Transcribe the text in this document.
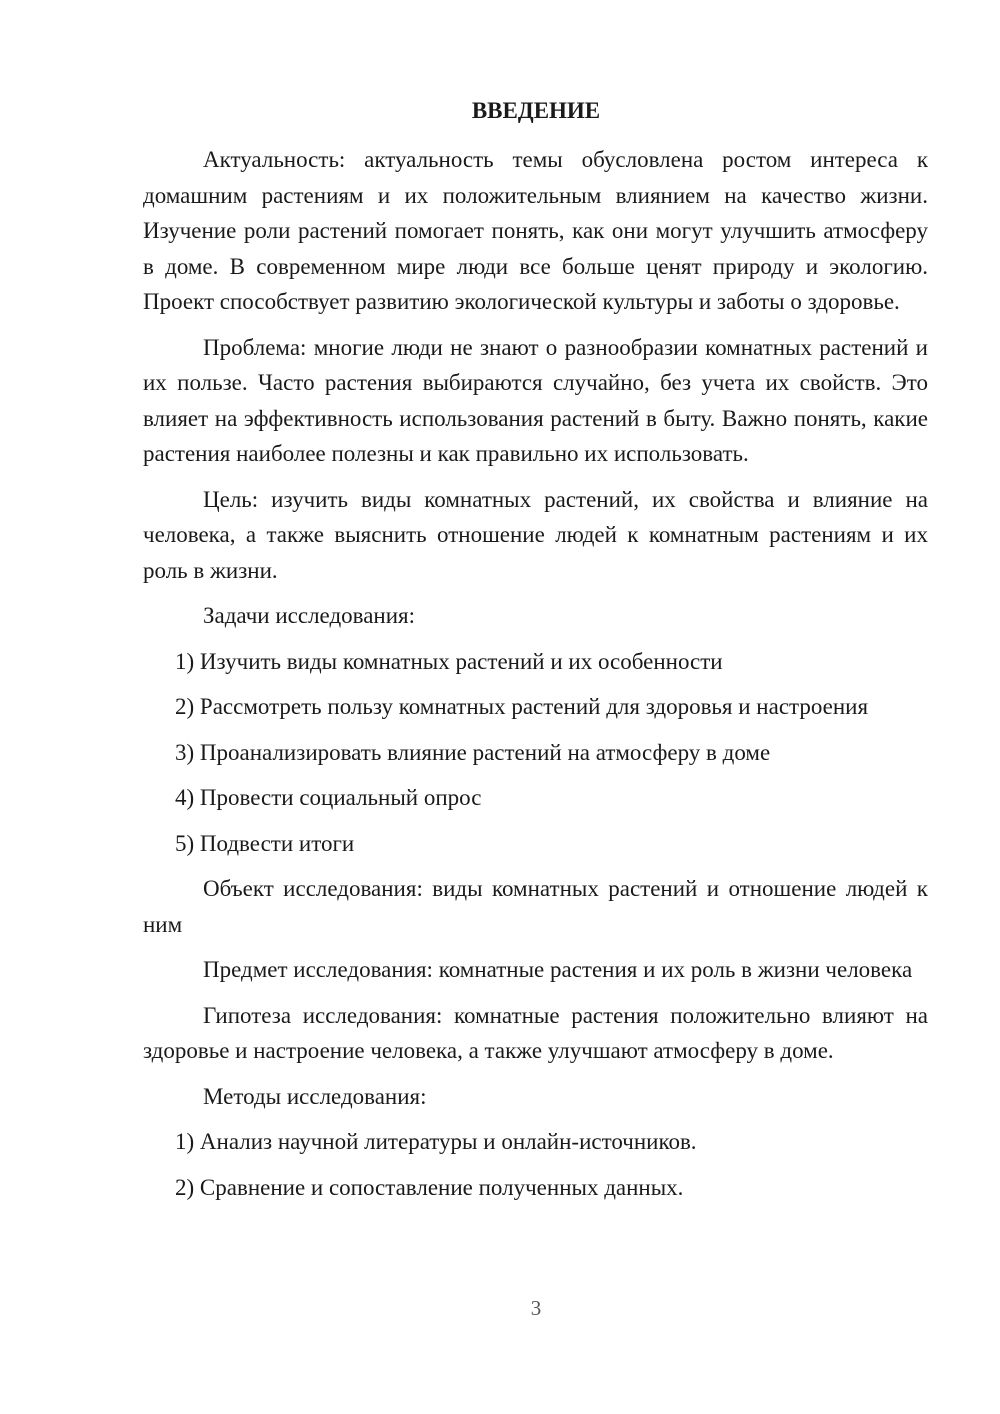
ВВЕДЕНИЕ

Актуальность: актуальность темы обусловлена ростом интереса к домашним растениям и их положительным влиянием на качество жизни. Изучение роли растений помогает понять, как они могут улучшить атмосферу в доме. В современном мире люди все больше ценят природу и экологию. Проект способствует развитию экологической культуры и заботы о здоровье.

Проблема: многие люди не знают о разнообразии комнатных растений и их пользе. Часто растения выбираются случайно, без учета их свойств. Это влияет на эффективность использования растений в быту. Важно понять, какие растения наиболее полезны и как правильно их использовать.

Цель: изучить виды комнатных растений, их свойства и влияние на человека, а также выяснить отношение людей к комнатным растениям и их роль в жизни.

Задачи исследования:

1) Изучить виды комнатных растений и их особенности
2) Рассмотреть пользу комнатных растений для здоровья и настроения
3) Проанализировать влияние растений на атмосферу в доме
4) Провести социальный опрос
5) Подвести итоги

Объект исследования: виды комнатных растений и отношение людей к ним

Предмет исследования: комнатные растения и их роль в жизни человека

Гипотеза исследования: комнатные растения положительно влияют на здоровье и настроение человека, а также улучшают атмосферу в доме.

Методы исследования:

1) Анализ научной литературы и онлайн-источников.
2) Сравнение и сопоставление полученных данных.
3
